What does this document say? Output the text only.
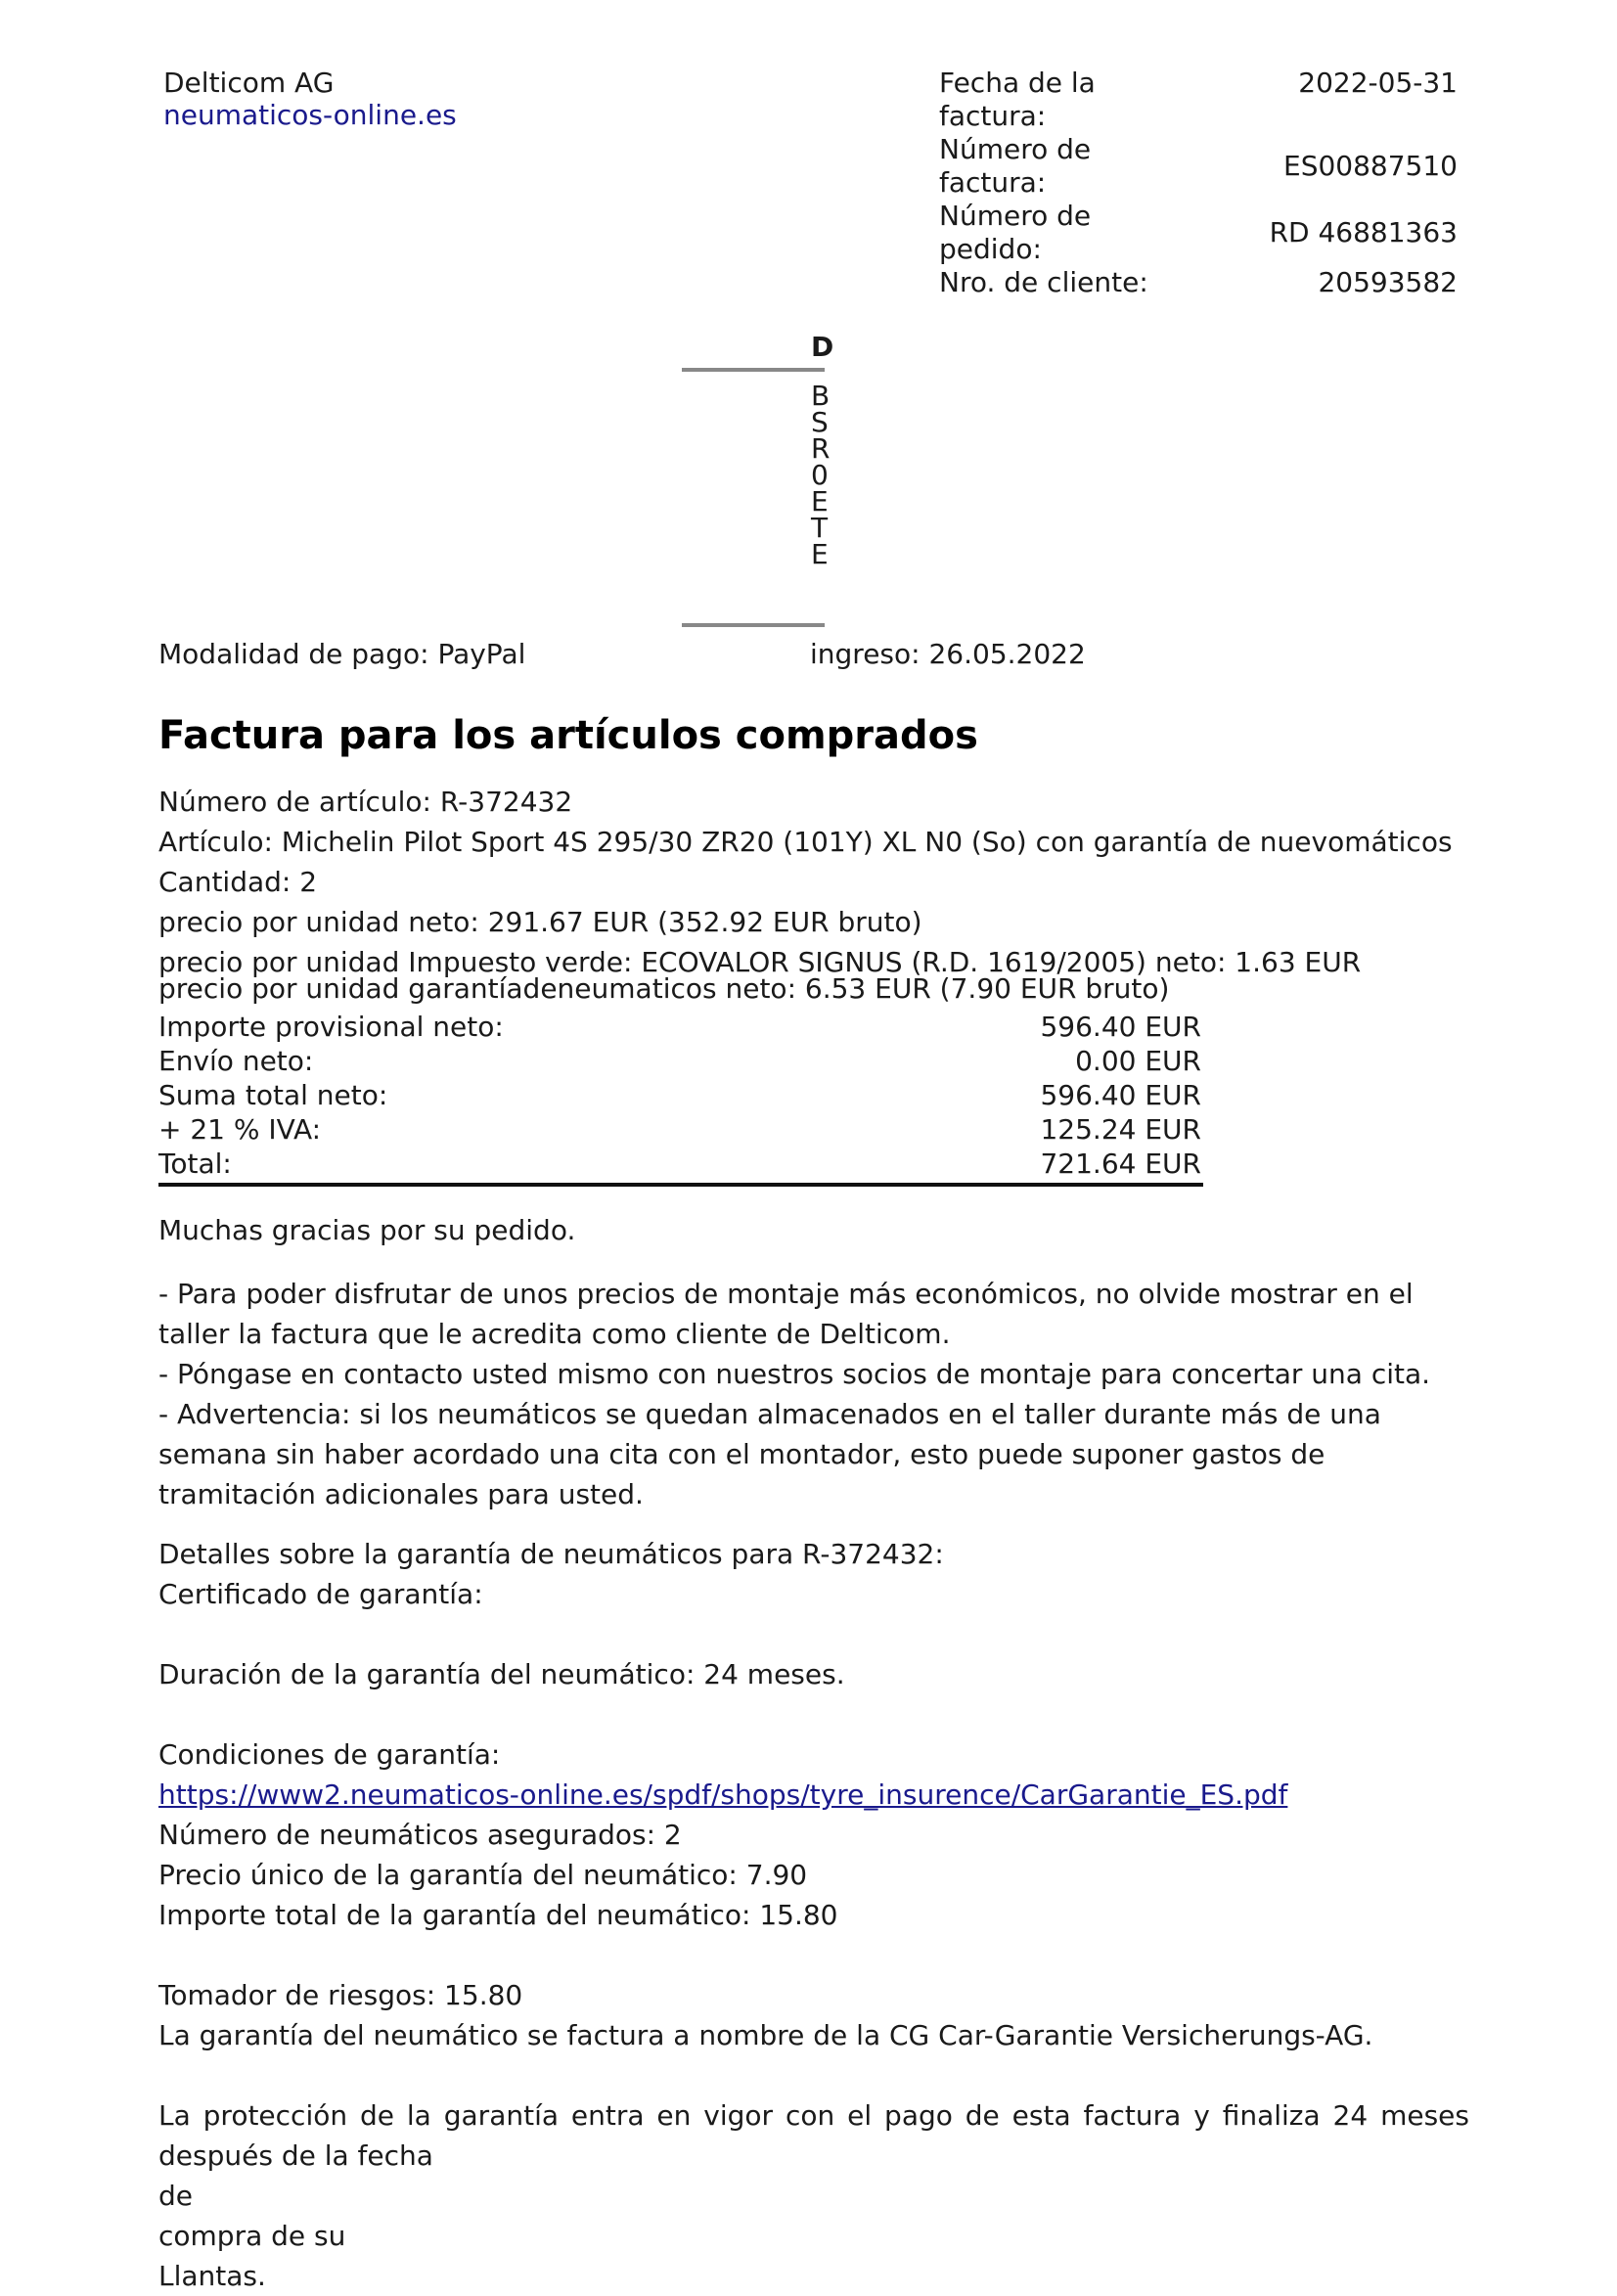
Delticom AG
neumaticos-online.es
Fecha de la factura:
2022-05-31
Número de factura:
ES00887510
Número de pedido:
RD 46881363
Nro. de cliente:	20593582
D
B
S
R
0
E
T
E
Modalidad de pago: PayPal	ingreso: 26.05.2022
Factura para los artículos comprados
Número de artículo: R-372432
Artículo: Michelin Pilot Sport 4S 295/30 ZR20 (101Y) XL N0 (So) con garantía de nuevomáticos
Cantidad: 2
precio por unidad neto: 291.67 EUR (352.92 EUR bruto)
precio por unidad Impuesto verde: ECOVALOR SIGNUS (R.D. 1619/2005) neto: 1.63 EUR
precio por unidad garantíadeneumaticos neto: 6.53 EUR (7.90 EUR bruto)
Importe provisional neto:	596.40 EUR
Envío neto:	0.00 EUR
Suma total neto:	596.40 EUR
+ 21 % IVA:	125.24 EUR
Total:	721.64 EUR
Muchas gracias por su pedido.

- Para poder disfrutar de unos precios de montaje más económicos, no olvide mostrar en el

taller la factura que le acredita como cliente de Delticom.

- Póngase en contacto usted mismo con nuestros socios de montaje para concertar una cita.

- Advertencia: si los neumáticos se quedan almacenados en el taller durante más de una

semana sin haber acordado una cita con el montador, esto puede suponer gastos de

tramitación adicionales para usted.

Detalles sobre la garantía de neumáticos para R-372432:

Certificado de garantía:

Duración de la garantía del neumático: 24 meses.

Condiciones de garantía:

https://www2.neumaticos-online.es/spdf/shops/tyre_insurence/CarGarantie_ES.pdf

Número de neumáticos asegurados: 2

Precio único de la garantía del neumático: 7.90

Importe total de la garantía del neumático: 15.80

Tomador de riesgos: 15.80

La garantía del neumático se factura a nombre de la CG Car-Garantie Versicherungs-AG.

La protección de la garantía entra en vigor con el pago de esta factura y finaliza 24 meses

después de la fecha

de

compra de su

Llantas.
